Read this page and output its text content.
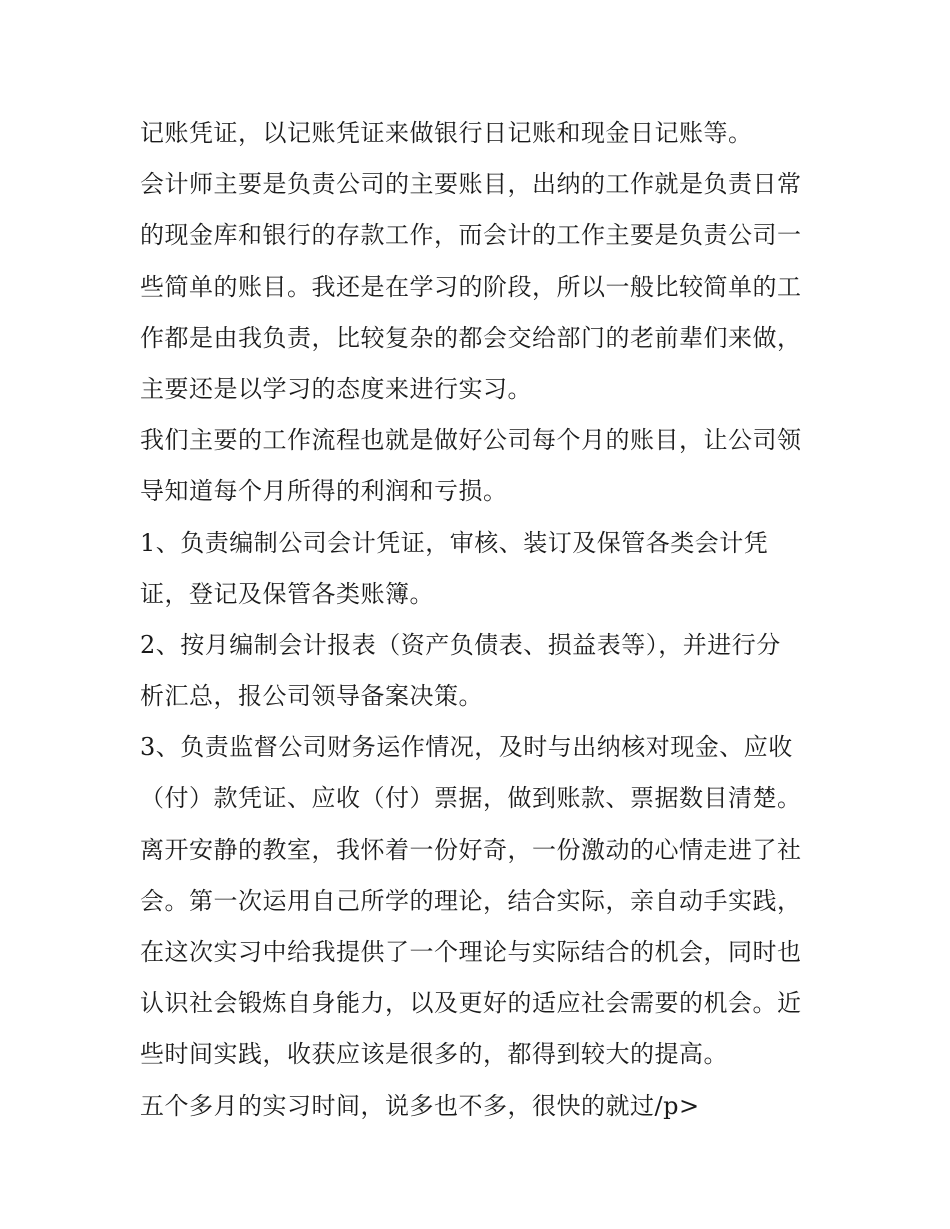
记账凭证，以记账凭证来做银行日记账和现金日记账等。
会计师主要是负责公司的主要账目，出纳的工作就是负责日常
的现金库和银行的存款工作，而会计的工作主要是负责公司一
些简单的账目。我还是在学习的阶段，所以一般比较简单的工
作都是由我负责，比较复杂的都会交给部门的老前辈们来做，
主要还是以学习的态度来进行实习。
我们主要的工作流程也就是做好公司每个月的账目，让公司领
导知道每个月所得的利润和亏损。
1、负责编制公司会计凭证，审核、装订及保管各类会计凭
证，登记及保管各类账簿。
2、按月编制会计报表（资产负债表、损益表等），并进行分
析汇总，报公司领导备案决策。
3、负责监督公司财务运作情况，及时与出纳核对现金、应收
（付）款凭证、应收（付）票据，做到账款、票据数目清楚。
离开安静的教室，我怀着一份好奇，一份激动的心情走进了社
会。第一次运用自己所学的理论，结合实际，亲自动手实践，
在这次实习中给我提供了一个理论与实际结合的机会，同时也
认识社会锻炼自身能力，以及更好的适应社会需要的机会。近
些时间实践，收获应该是很多的，都得到较大的提高。
五个多月的实习时间，说多也不多，很快的就过/p>
